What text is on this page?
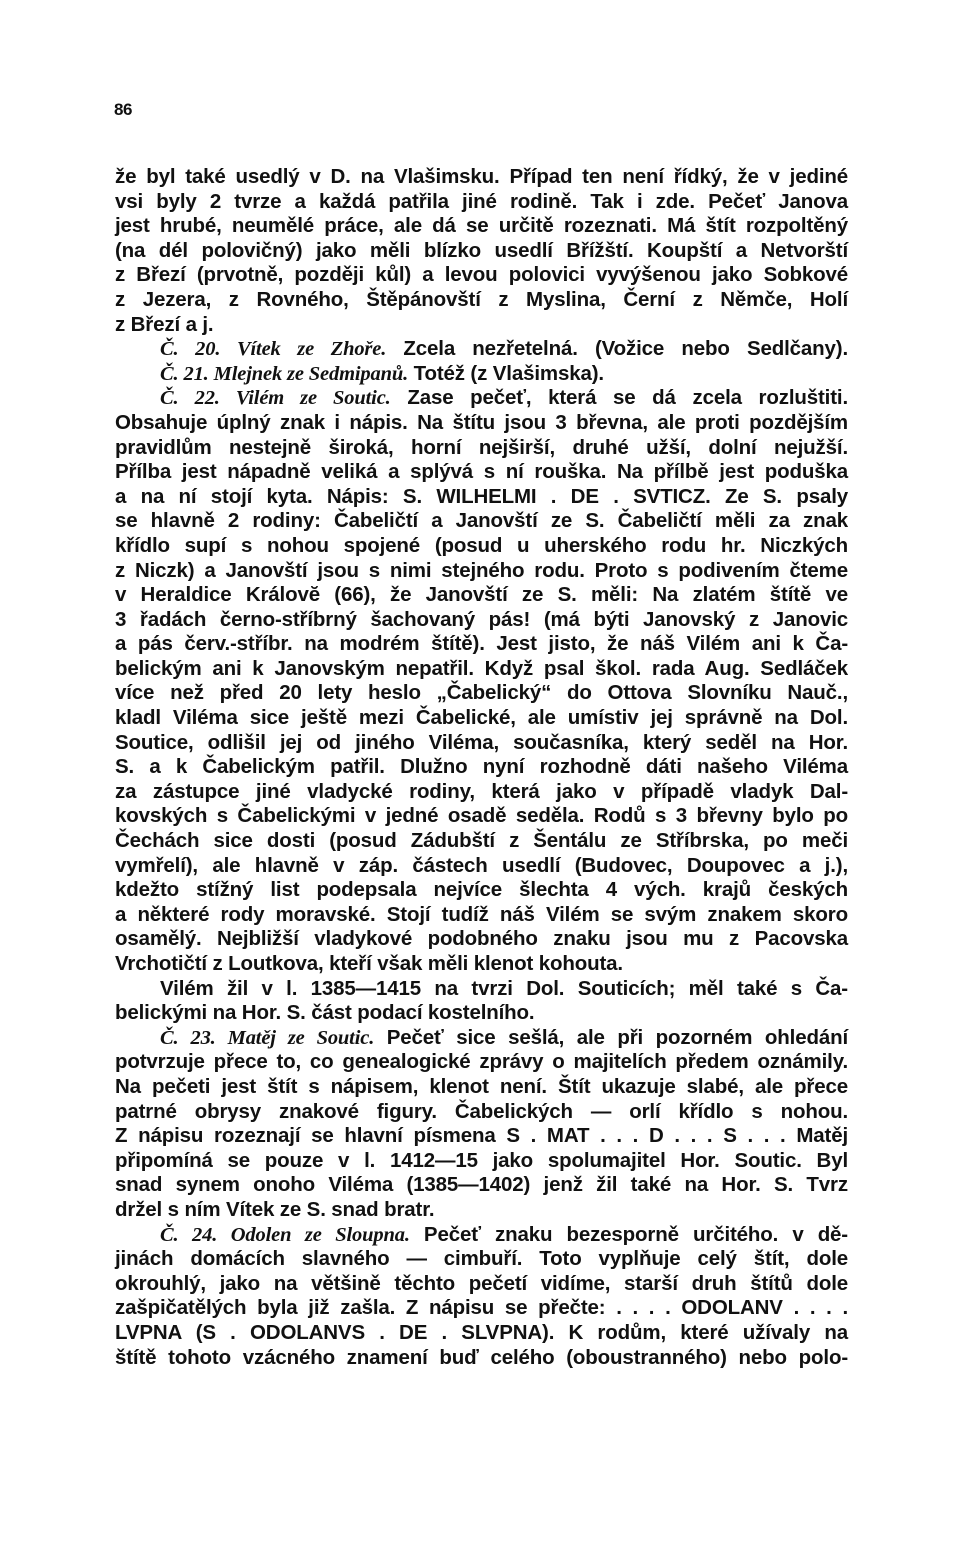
86
že byl také usedlý v D. na Vlašimsku. Případ ten není řídký, že v jediné
vsi byly 2 tvrze a každá patřila jiné rodině. Tak i zde. Pečeť Janova
jest hrubé, neumělé práce, ale dá se určitě rozeznati. Má štít rozpoltěný
(na dél polovičný) jako měli blízko usedlí Břížští. Koupští a Netvorští
z Březí (prvotně, později kůl) a levou polovici vyvýšenou jako Sobkové
z Jezera, z Rovného, Štěpánovští z Myslina, Černí z Němče, Holí
z Březí a j.
Č. 20. Vítek ze Zhoře. Zcela nezřetelná. (Vožice nebo Sedlčany).
Č. 21. Mlejnek ze Sedmipanů. Totéž (z Vlašimska).
Č. 22. Vilém ze Soutic. Zase pečeť, která se dá zcela rozluštiti.
Obsahuje úplný znak i nápis. Na štítu jsou 3 břevna, ale proti pozdějším
pravidlům nestejně široká, horní nejširší, druhé užší, dolní nejužší.
Přílba jest nápadně veliká a splývá s ní rouška. Na přílbě jest poduška
a na ní stojí kyta. Nápis: S. WILHELMI . DE . SVTICZ. Ze S. psaly
se hlavně 2 rodiny: Čabeličtí a Janovští ze S. Čabeličtí měli za znak
křídlo supí s nohou spojené (posud u uherského rodu hr. Niczkých
z Niczk) a Janovští jsou s nimi stejného rodu. Proto s podivením čteme
v Heraldice Královĕ (66), že Janovští ze S. měli: Na zlatém štítě ve
3 řadách černo-stříbrný šachovaný pás! (má býti Janovský z Janovic
a pás červ.-stříbr. na modrém štítě). Jest jisto, že náš Vilém ani k Ča-
belickým ani k Janovským nepatřil. Když psal škol. rada Aug. Sedláček
více než před 20 lety heslo „Čabelický“ do Ottova Slovníku Nauč.,
kladl Viléma sice ještě mezi Čabelické, ale umístiv jej správně na Dol.
Soutice, odlišil jej od jiného Viléma, současníka, který seděl na Hor.
S. a k Čabelickým patřil. Dlužno nyní rozhodně dáti našeho Viléma
za zástupce jiné vladycké rodiny, která jako v případě vladyk Dal-
kovských s Čabelickými v jedné osadě seděla. Rodů s 3 břevny bylo po
Čechách sice dosti (posud Zádubští z Šentálu ze Stříbrska, po meči
vymřelí), ale hlavně v záp. částech usedlí (Budovec, Doupovec a j.),
kdežto stížný list podepsala nejvíce šlechta 4 vých. krajů českých
a některé rody moravské. Stojí tudíž náš Vilém se svým znakem skoro
osamělý. Nejbližší vladykové podobného znaku jsou mu z Pacovska
Vrchotičtí z Loutkova, kteří však měli klenot kohouta.
Vilém žil v l. 1385—1415 na tvrzi Dol. Souticích; měl také s Ča-
belickými na Hor. S. část podací kostelního.
Č. 23. Matěj ze Soutic. Pečeť sice sešlá, ale při pozorném ohledání
potvrzuje přece to, co genealogické zprávy o majitelích předem oznámily.
Na pečeti jest štít s nápisem, klenot není. Štít ukazuje slabé, ale přece
patrné obrysy znakové figury. Čabelických — orlí křídlo s nohou.
Z nápisu rozeznají se hlavní písmena S . MAT . . . D . . . S . . . Matěj
připomíná se pouze v l. 1412—15 jako spolumajitel Hor. Soutic. Byl
snad synem onoho Viléma (1385—1402) jenž žil také na Hor. S. Tvrz
držel s ním Vítek ze S. snad bratr.
Č. 24. Odolen ze Sloupna. Pečeť znaku bezesporně určitého. v dě-
jinách domácích slavného — cimbuří. Toto vyplňuje celý štít, dole
okrouhlý, jako na většině těchto pečetí vidíme, starší druh štítů dole
zašpičatělých byla již zašla. Z nápisu se přečte: . . . . ODOLANV . . . .
LVPNA (S . ODOLANVS . DE . SLVPNA). K rodům, které užívaly na
štítě tohoto vzácného znamení buď celého (oboustranného) nebo polo-
